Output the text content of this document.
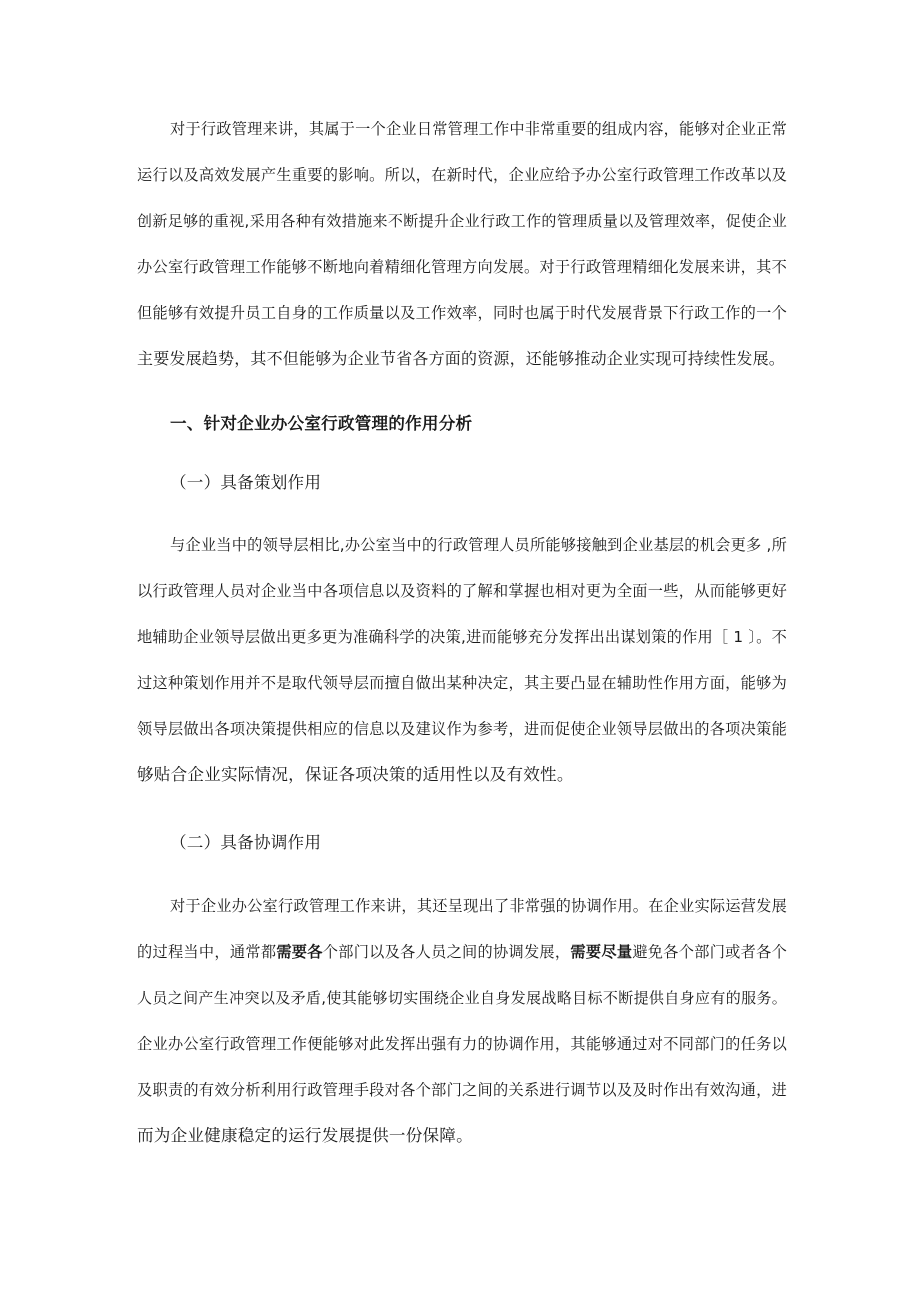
对于行政管理来讲，其属于一个企业日常管理工作中非常重要的组成内容，能够对企业正常
运行以及高效发展产生重要的影响。所以，在新时代，企业应给予办公室行政管理工作改革以及
创新足够的重视,采用各种有效措施来不断提升企业行政工作的管理质量以及管理效率，促使企业
办公室行政管理工作能够不断地向着精细化管理方向发展。对于行政管理精细化发展来讲，其不
但能够有效提升员工自身的工作质量以及工作效率，同时也属于时代发展背景下行政工作的一个
主要发展趋势，其不但能够为企业节省各方面的资源，还能够推动企业实现可持续性发展。
一、针对企业办公室行政管理的作用分析
（一）具备策划作用
与企业当中的领导层相比,办公室当中的行政管理人员所能够接触到企业基层的机会更多 ,所
以行政管理人员对企业当中各项信息以及资料的了解和掌握也相对更为全面一些，从而能够更好
地辅助企业领导层做出更多更为准确科学的决策,进而能够充分发挥出出谋划策的作用［ 1 〕。不
过这种策划作用并不是取代领导层而擅自做出某种决定，其主要凸显在辅助性作用方面，能够为
领导层做出各项决策提供相应的信息以及建议作为参考，进而促使企业领导层做出的各项决策能
够贴合企业实际情况，保证各项决策的适用性以及有效性。
（二）具备协调作用
对于企业办公室行政管理工作来讲，其还呈现出了非常强的协调作用。在企业实际运营发展
的过程当中，通常都需要各个部门以及各人员之间的协调发展，需要尽量避免各个部门或者各个
人员之间产生冲突以及矛盾,使其能够切实围绕企业自身发展战略目标不断提供自身应有的服务。
企业办公室行政管理工作便能够对此发挥出强有力的协调作用，其能够通过对不同部门的任务以
及职责的有效分析利用行政管理手段对各个部门之间的关系进行调节以及及时作出有效沟通，进
而为企业健康稳定的运行发展提供一份保障。
